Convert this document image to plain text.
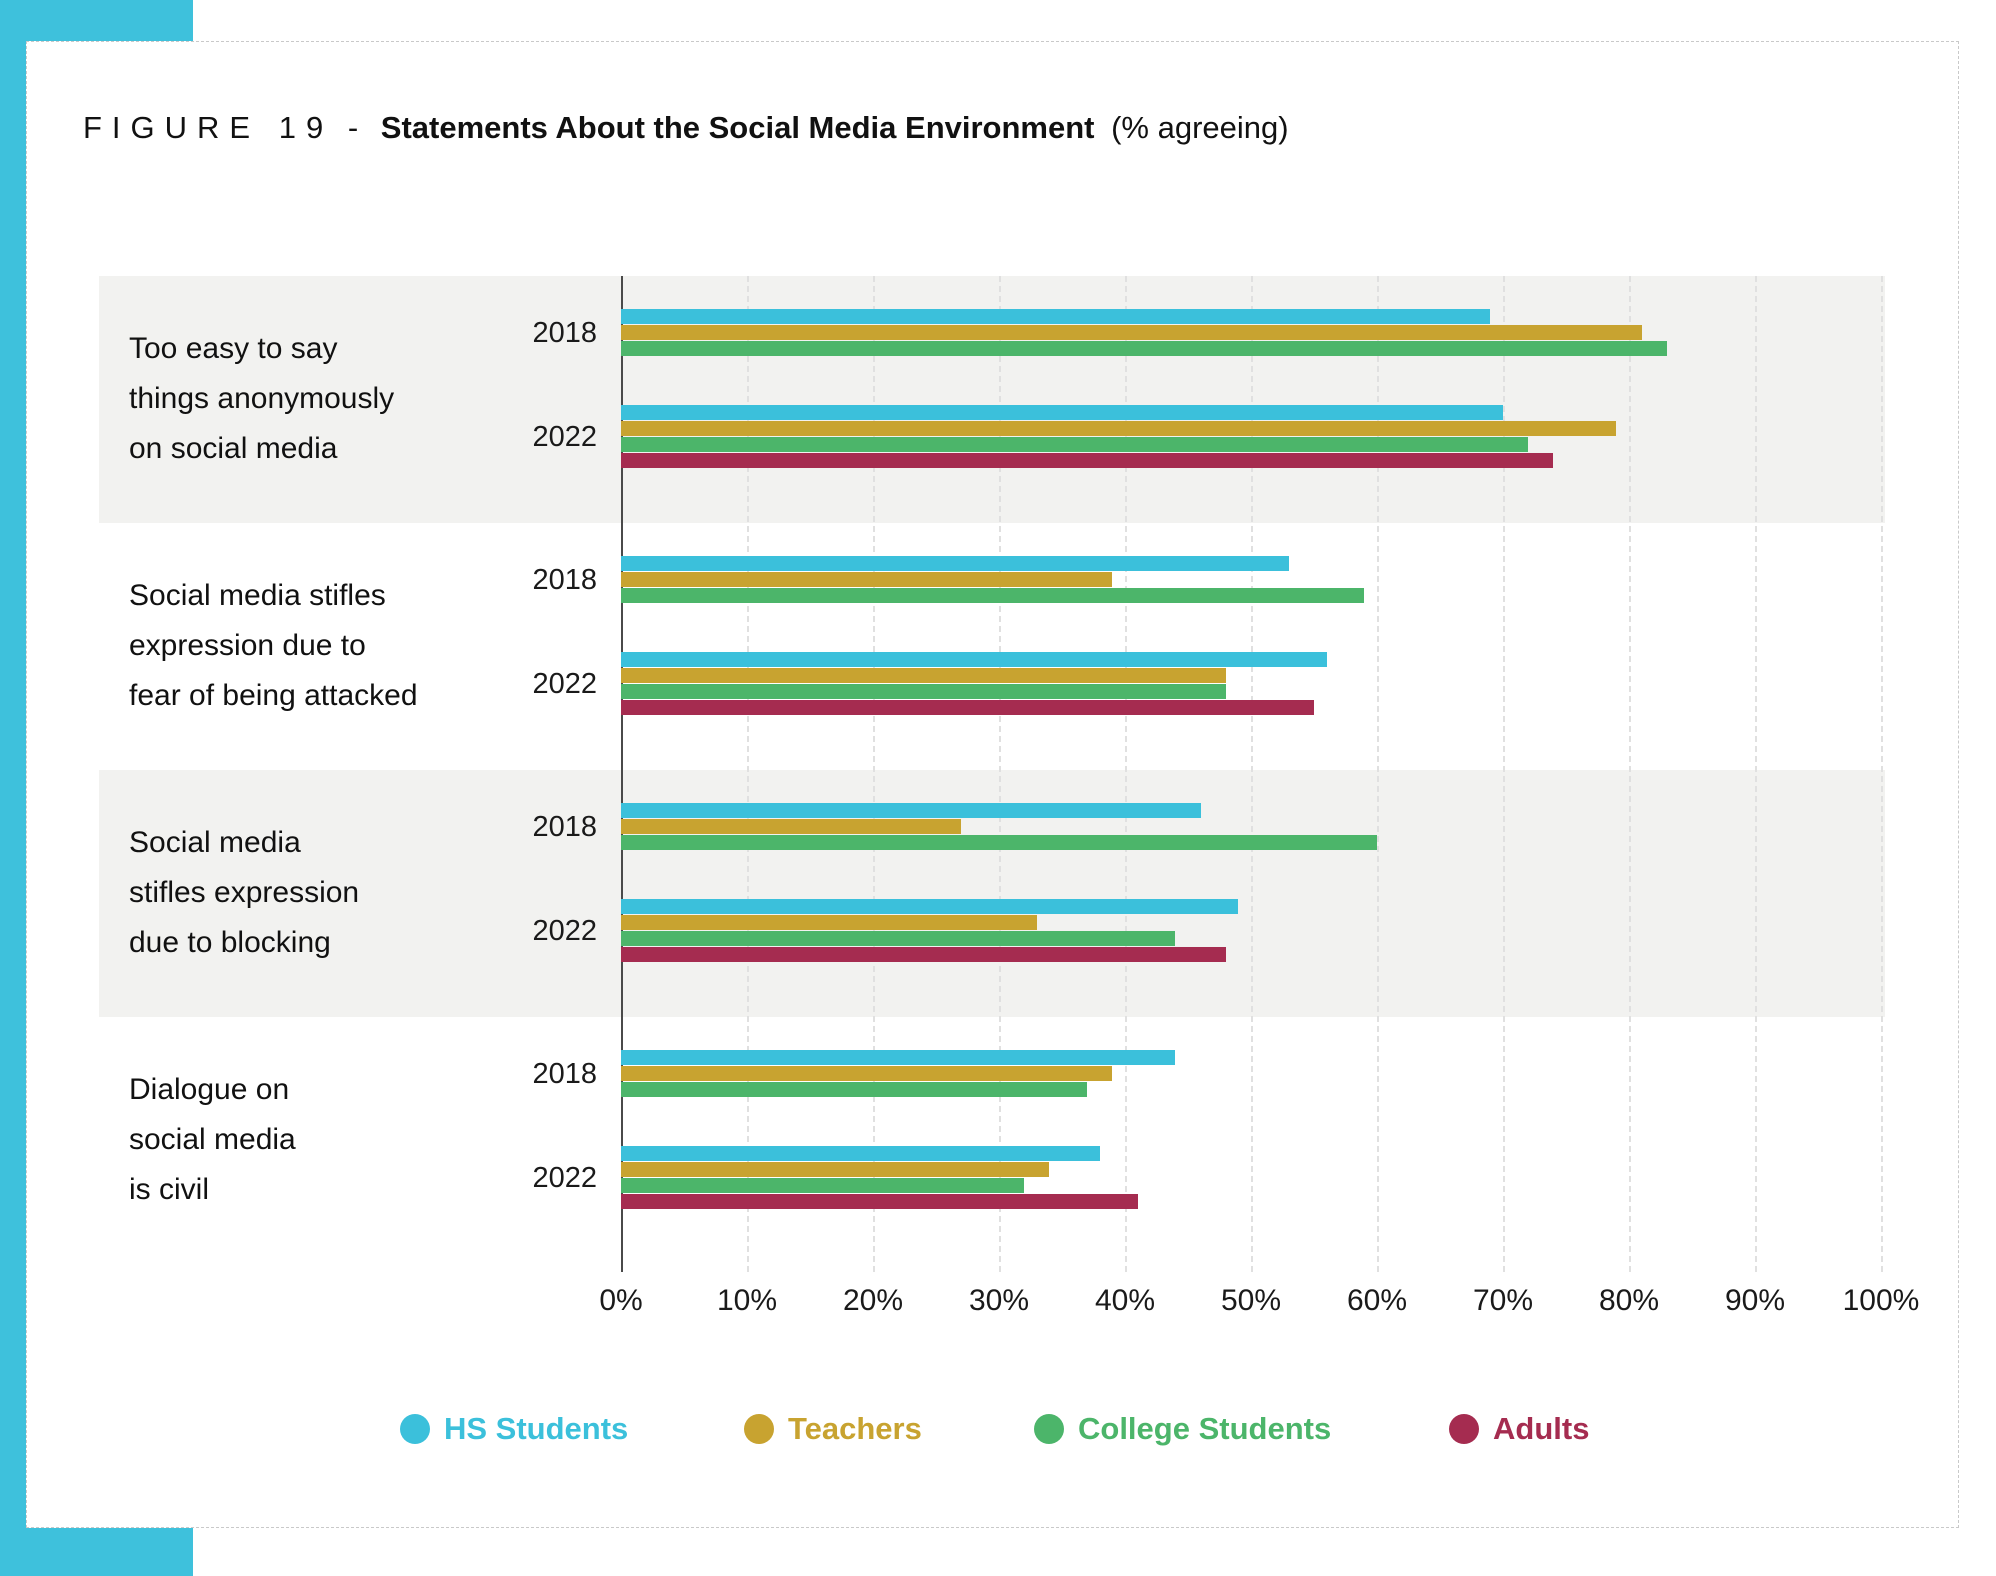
FIGURE 19 - Statements About the Social Media Environment (% agreeing)
0%	10%	20%	30%	40%	50%	60%	70%	80%	90%	100%
Too easy to say
things anonymously
on social media
2018
2022
Social media stifles
expression due to
fear of being attacked
2018
2022
Social media
stifles expression
due to blocking
2018
2022
Dialogue on
social media
is civil
2018
2022
HS Students	Teachers	College Students	Adults
